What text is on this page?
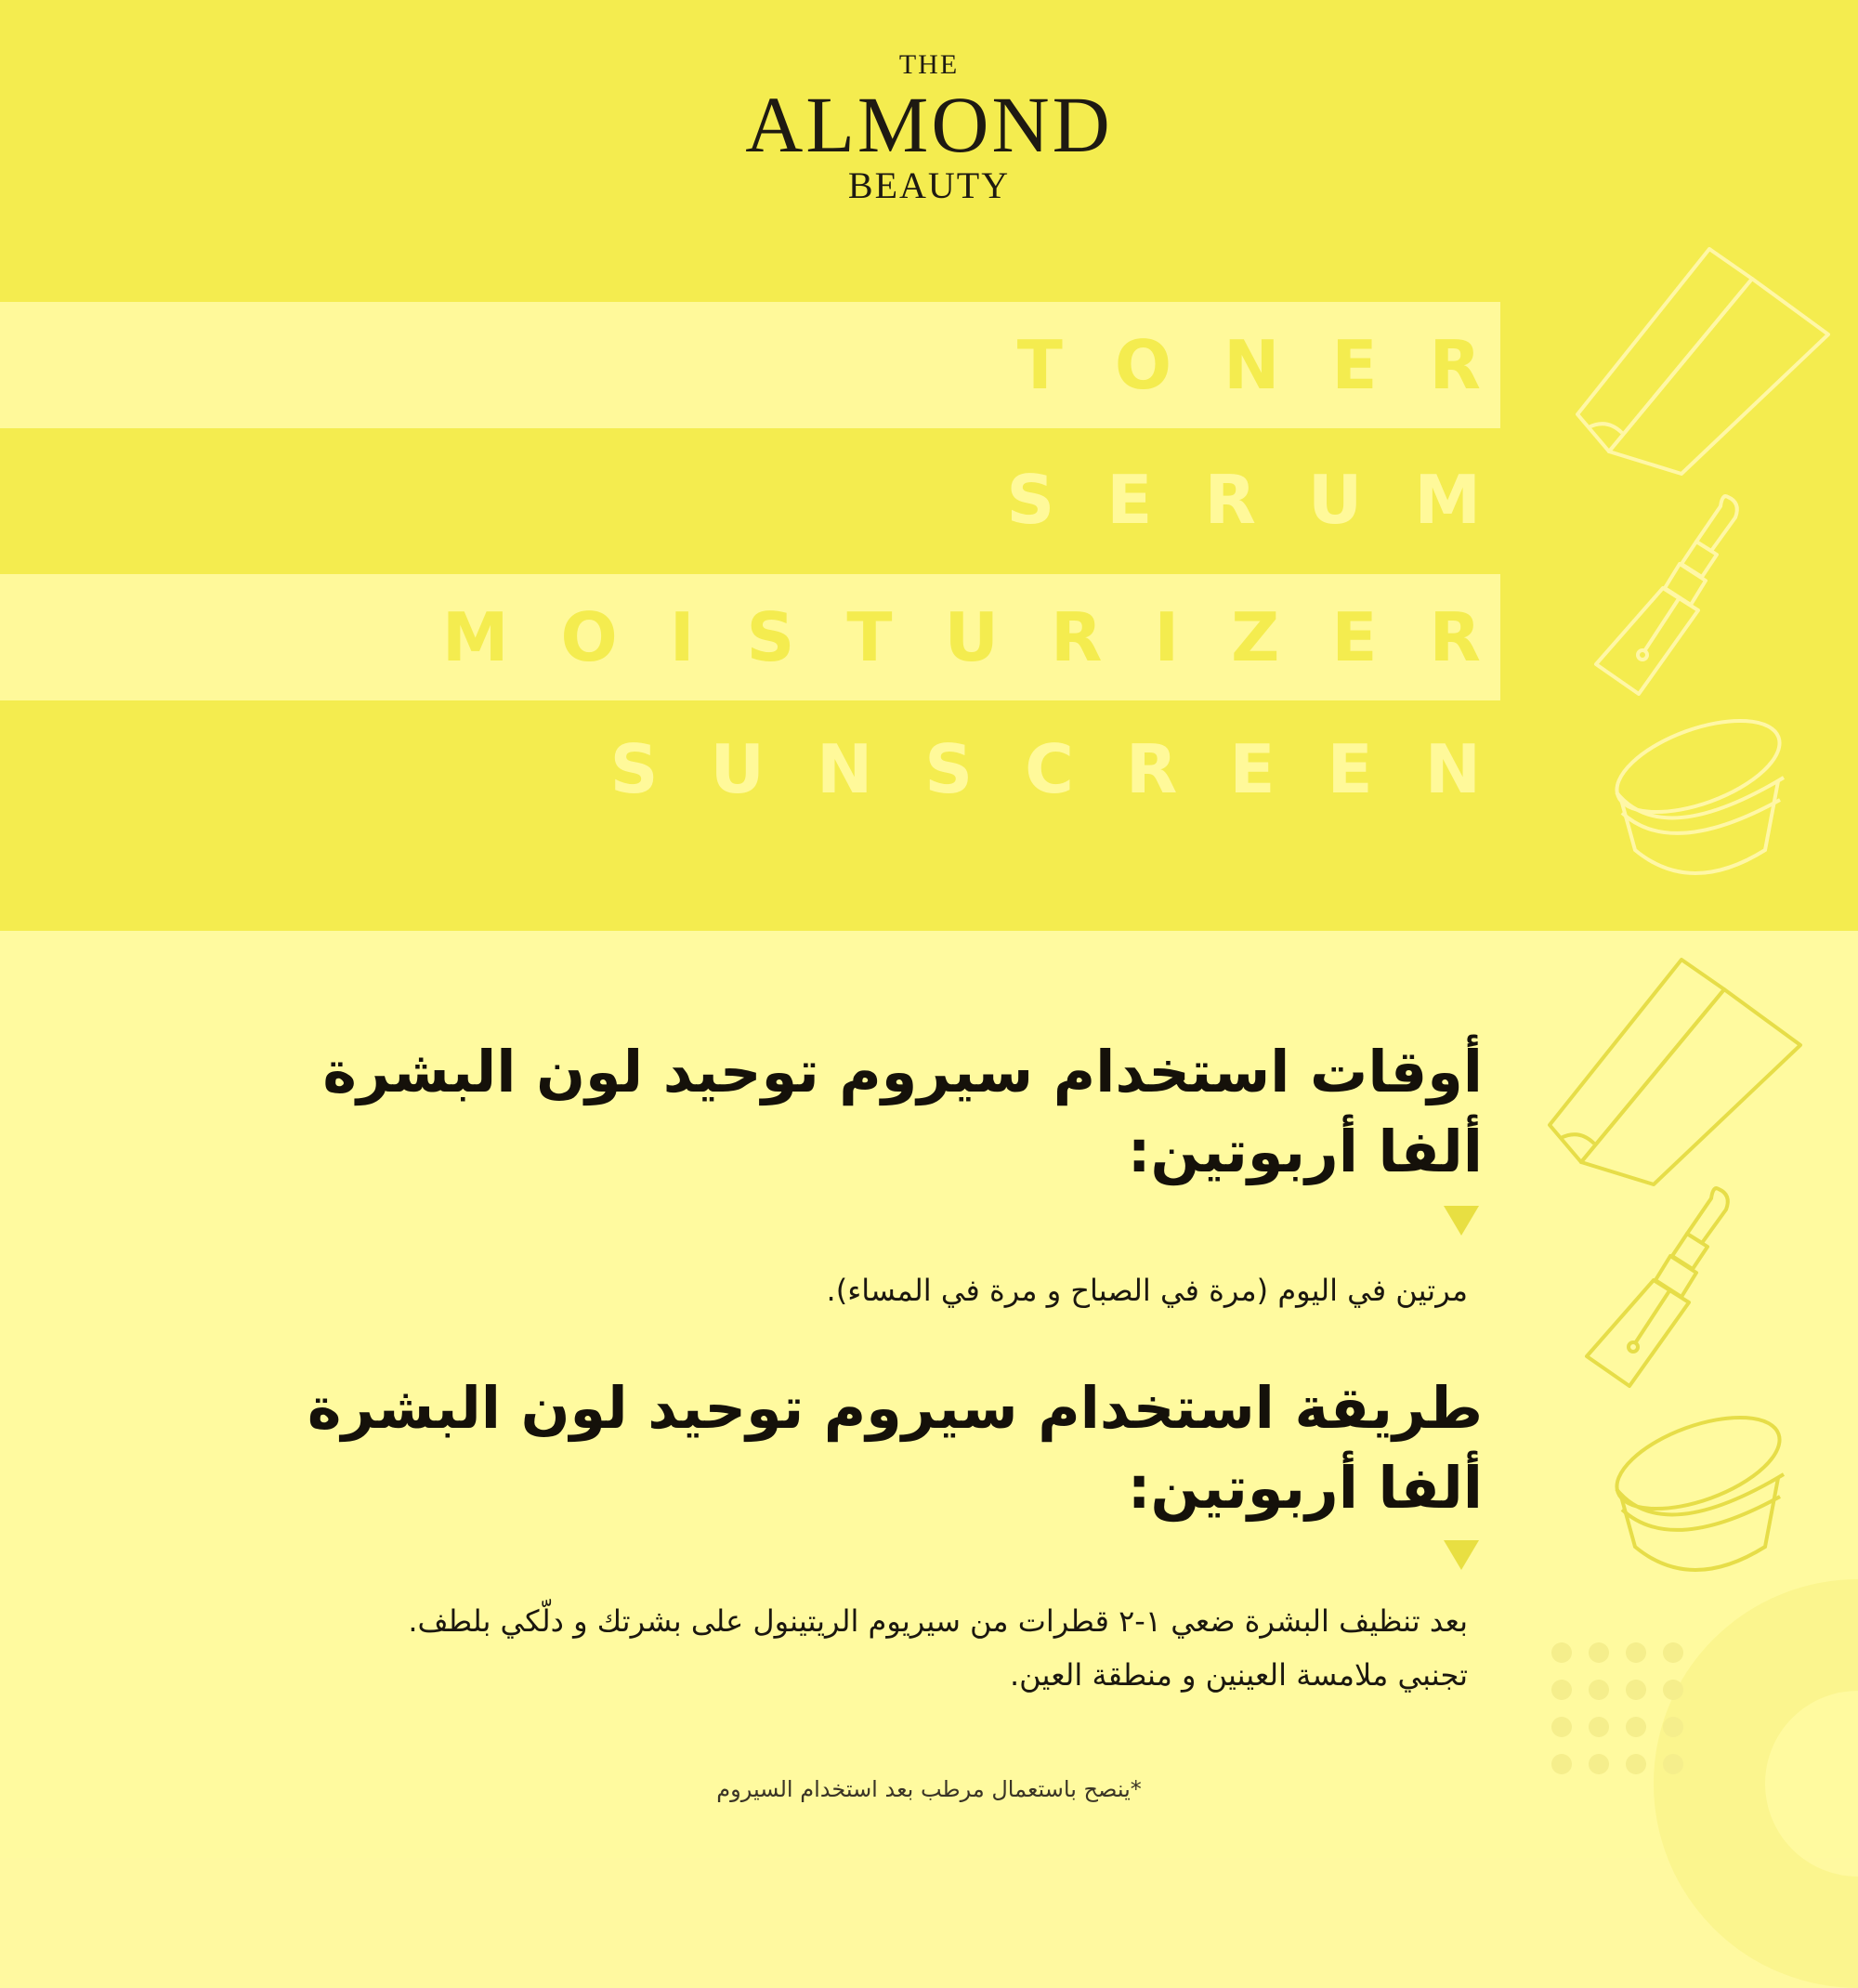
THE
ALMOND
BEAUTY
TONER
SERUM
MOISTURIZER
SUNSCREEN
أوقات استخدام سيروم توحيد لون البشرة
ألفا أربوتين:
مرتين في اليوم (مرة في الصباح و مرة في المساء).
طريقة استخدام سيروم توحيد لون البشرة
ألفا أربوتين:
بعد تنظيف البشرة ضعي ١-٢ قطرات من سيريوم الريتينول على بشرتك و دلّكي بلطف.
تجنبي ملامسة العينين و منطقة العين.
*ينصح باستعمال مرطب بعد استخدام السيروم
